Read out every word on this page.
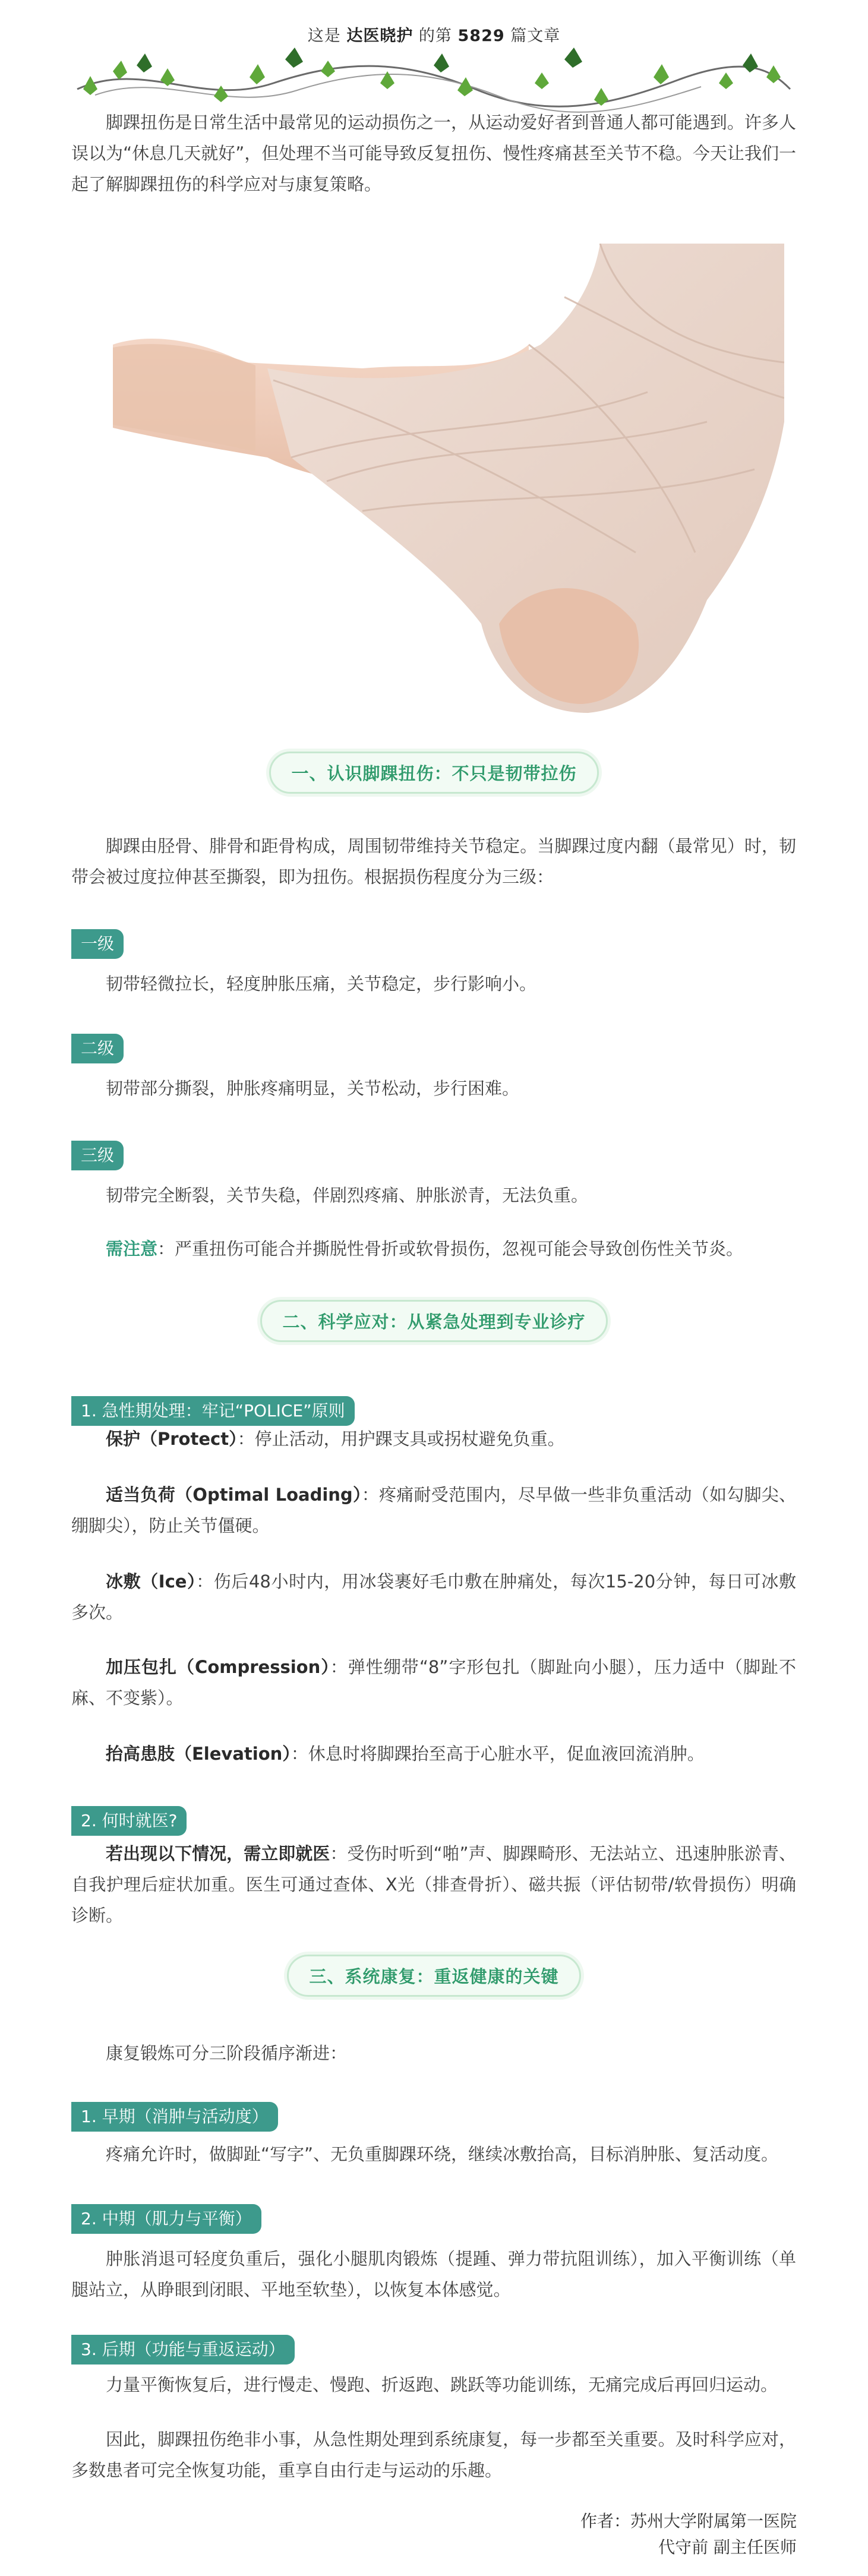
这是 达医晓护 的第 5829 篇文章

脚踝扭伤是日常生活中最常见的运动损伤之一，从运动爱好者到普通人都可能遇到。许多人误以为“休息几天就好”，但处理不当可能导致反复扭伤、慢性疼痛甚至关节不稳。今天让我们一起了解脚踝扭伤的科学应对与康复策略。

一、认识脚踝扭伤：不只是韧带拉伤

脚踝由胫骨、腓骨和距骨构成，周围韧带维持关节稳定。当脚踝过度内翻（最常见）时，韧带会被过度拉伸甚至撕裂，即为扭伤。根据损伤程度分为三级：

一级

韧带轻微拉长，轻度肿胀压痛，关节稳定，步行影响小。

二级

韧带部分撕裂，肿胀疼痛明显，关节松动，步行困难。

三级

韧带完全断裂，关节失稳，伴剧烈疼痛、肿胀淤青，无法负重。

需注意：严重扭伤可能合并撕脱性骨折或软骨损伤，忽视可能会导致创伤性关节炎。

二、科学应对：从紧急处理到专业诊疗
1. 急性期处理：牢记“POLICE”原则

保护（Protect）：停止活动，用护踝支具或拐杖避免负重。

适当负荷（Optimal Loading）：疼痛耐受范围内，尽早做一些非负重活动（如勾脚尖、绷脚尖），防止关节僵硬。

冰敷（Ice）：伤后48小时内，用冰袋裹好毛巾敷在肿痛处，每次15-20分钟，每日可冰敷多次。

加压包扎（Compression）：弹性绷带“8”字形包扎（脚趾向小腿），压力适中（脚趾不麻、不变紫）。

抬高患肢（Elevation）：休息时将脚踝抬至高于心脏水平，促血液回流消肿。

2. 何时就医?

若出现以下情况，需立即就医：受伤时听到“啪”声、脚踝畸形、无法站立、迅速肿胀淤青、自我护理后症状加重。医生可通过查体、X光（排查骨折）、磁共振（评估韧带/软骨损伤）明确诊断。

三、系统康复：重返健康的关键

康复锻炼可分三阶段循序渐进：

1. 早期（消肿与活动度）

疼痛允许时，做脚趾“写字”、无负重脚踝环绕，继续冰敷抬高，目标消肿胀、复活动度。

2. 中期（肌力与平衡）

肿胀消退可轻度负重后，强化小腿肌肉锻炼（提踵、弹力带抗阻训练），加入平衡训练（单腿站立，从睁眼到闭眼、平地至软垫），以恢复本体感觉。

3. 后期（功能与重返运动）

力量平衡恢复后，进行慢走、慢跑、折返跑、跳跃等功能训练，无痛完成后再回归运动。

因此，脚踝扭伤绝非小事，从急性期处理到系统康复，每一步都至关重要。及时科学应对，多数患者可完全恢复功能，重享自由行走与运动的乐趣。

作者：苏州大学附属第一医院
代守前 副主任医师
